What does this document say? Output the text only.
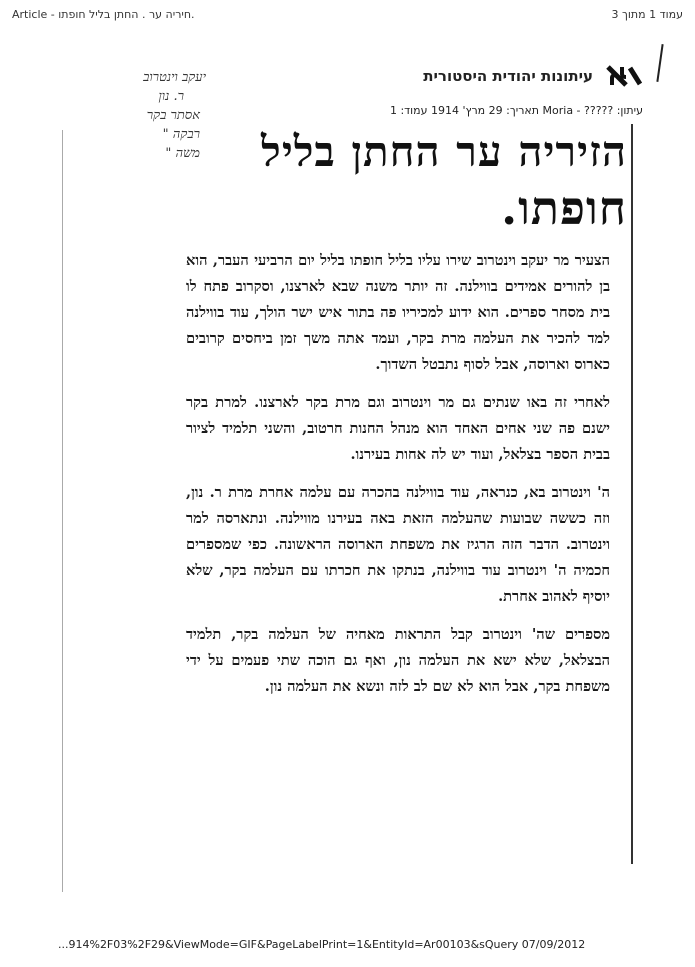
Article - חיריה ער . החתן בליל חופתו.	עמוד 1 מתוך 3
יעקב וינטרוב
ר. נון
אסתר בקר
רבקה "
משה "
עיתונות יהודית היסטורית
עיתון: ????? - Moria תאריך: 29 מרץ' 1914 עמוד: 1
הזיריה ער החתן בליל
חופתו.

הצעיר מר יעקב וינטרוב שירו עליו בליל חופתו בליל יום הרביעי העבר, הוא בן להורים אמידים בווילנה. זה יותר משנה שבא לארצנו, וסקרוב פתח לו בית מסחר ספרים. הוא ידוע למכיריו פה בתור איש ישר הולך, עוד בווילנה למד להכיר את העלמה מרת בקר, ועמד אתה משך זמן ביחסים קרובים כארוס וארוסה, אבל לסוף נתבטל השדוך.

לאחרי זה באו שנתים גם מר וינטרוב וגם מרת בקר לארצנו. למרת בקר ישנם פה שני אחים האחד הוא מנהל החנות חרטוב, והשני תלמיד לציור בבית הספר בצלאל, ועוד יש לה אחות בעירנו.

ה' וינטרוב בא, כנראה, עוד בווילנה בהכרה עם עלמה אחרת מרת ר. נון, וזה כששה שבועות שהעלמה הזאת באה בעירנו מווילנה. ונתארסה למר וינטרוב. הדבר הזה הרגיז את משפחת הארוסה הראשונה. כפי שמספרים חכמיה ה' וינטרוב עוד בווילנה, בנתקו את חכרתו עם העלמה בקר, שלא יוסיף לאהוב אחרת.

מספרים שה' וינטרוב קבל התראות מאחיה של העלמה בקר, תלמיד הבצלאל, שלא ישא את העלמה נון, ואף גם הוכה שתי פעמים על ידי משפחת בקר, אבל הוא לא שם לב לזה ונשא את העלמה נון.

...914%2F03%2F29&ViewMode=GIF&PageLabelPrint=1&EntityId=Ar00103&sQuery 07/09/2012
